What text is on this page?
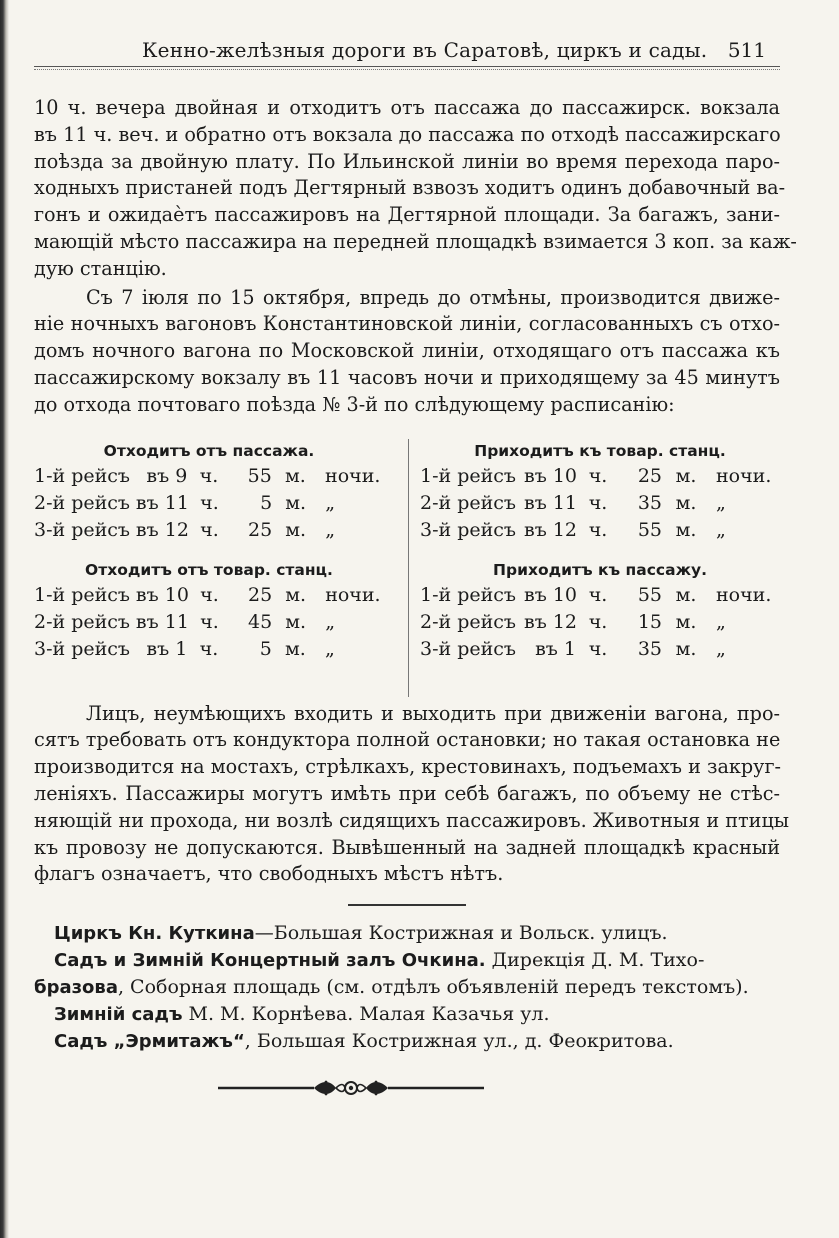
Кенно-желѣзныя дороги въ Саратовѣ, циркъ и сады. 511
10 ч. вечера двойная и отходитъ отъ пассажа до пассажирск. вокзала
въ 11 ч. веч. и обратно отъ вокзала до пассажа по отходѣ пассажирскаго
поѣзда за двойную плату. По Ильинской линіи во время перехода паро-
ходныхъ пристаней подъ Дегтярный взвозъ ходитъ одинъ добавочный ва-
гонъ и ожидаѐтъ пассажировъ на Дегтярной площади. За багажъ, зани-
мающій мѣсто пассажира на передней площадкѣ взимается 3 коп. за каж-
дую станцію.
Съ 7 іюля по 15 октября, впредь до отмѣны, производится движе-
ніе ночныхъ вагоновъ Константиновской линіи, согласованныхъ съ отхо-
домъ ночного вагона по Московской линіи, отходящаго отъ пассажа къ
пассажирскому вокзалу въ 11 часовъ ночи и приходящему за 45 минутъ
до отхода почтоваго поѣзда № 3-й по слѣдующему расписанію:
Отходитъ отъ пассажа.
1-й рейсъ въ 9 ч.	55 м.	ночи.
2-й рейсъ въ 11 ч.	5 м.	„
3-й рейсъ въ 12 ч.	25 м.	„
Отходитъ отъ товар. станц.
1-й рейсъ въ 10 ч.	25 м.	ночи.
2-й рейсъ въ 11 ч.	45 м.	„
3-й рейсъ въ 1 ч.	5 м.	„
Приходитъ къ товар. станц.
1-й рейсъ въ 10 ч.	25 м.	ночи.
2-й рейсъ въ 11 ч.	35 м.	„
3-й рейсъ въ 12 ч.	55 м.	„
Приходитъ къ пассажу.
1-й рейсъ въ 10 ч.	55 м.	ночи.
2-й рейсъ въ 12 ч.	15 м.	„
3-й рейсъ	въ 1 ч.	35 м.	„
Лицъ, неумѣющихъ входить и выходить при движеніи вагона, про-
сятъ требовать отъ кондуктора полной остановки; но такая остановка не
производится на мостахъ, стрѣлкахъ, крестовинахъ, подъемахъ и закруг-
леніяхъ. Пассажиры могутъ имѣть при себѣ багажъ, по объему не стѣс-
няющій ни прохода, ни возлѣ сидящихъ пассажировъ. Животныя и птицы
къ провозу не допускаются. Вывѣшенный на задней площадкѣ красный
флагъ означаетъ, что свободныхъ мѣстъ нѣтъ.
Циркъ Кн. Куткина—Большая Кострижная и Вольск. улицъ.
Садъ и Зимній Концертный залъ Очкина. Дирекція Д. М. Тихо-
бразова, Соборная площадь (см. отдѣлъ объявленій передъ текстомъ).
Зимній садъ М. М. Корнѣева. Малая Казачья ул.
Садъ „Эрмитажъ“, Большая Кострижная ул., д. Феокритова.
